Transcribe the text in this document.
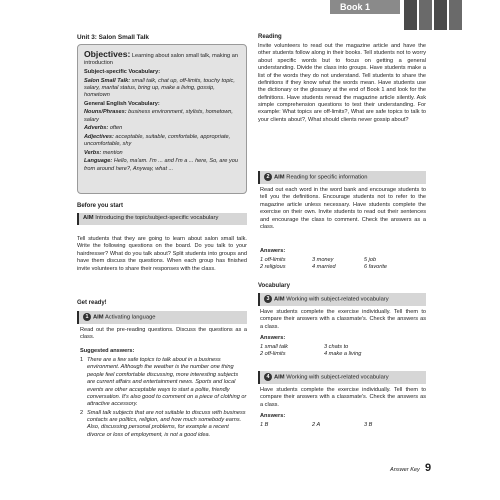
Book 1
Unit 3: Salon Small Talk
Objectives: Learning about salon small talk, making an introduction
Subject-specific Vocabulary:
Salon Small Talk: small talk, chat up, off-limits, touchy topic, salary, marital status, bring up, make a living, gossip, hometown
General English Vocabulary:
Nouns/Phrases: business environment, stylists, hometown, salary
Adverbs: often
Adjectives: acceptable, suitable, comfortable, appropriate, uncomfortable, shy
Verbs: mention
Language: Hello, ma'am. I'm ... and I'm a ... here, So, are you from around here?, Anyway, what ...
Before you start
AIM Introducing the topic/subject-specific vocabulary
Tell students that they are going to learn about salon small talk. Write the following questions on the board. Do you talk to your hairdresser? What do you talk about? Split students into groups and have them discuss the questions. When each group has finished invite volunteers to share their responses with the class.
Get ready!
1 AIM Activating language
Read out the pre-reading questions. Discuss the questions as a class.
Suggested answers:
1 There are a few safe topics to talk about in a business environment. Although the weather is the number one thing people feel comfortable discussing, more interesting subjects are current affairs and entertainment news. Sports and local events are other acceptable ways to start a polite, friendly conversation. It's also good to comment on a piece of clothing or attractive accessory.
2 Small talk subjects that are not suitable to discuss with business contacts are politics, religion, and how much somebody earns. Also, discussing personal problems, for example a recent divorce or loss of employment, is not a good idea.
Reading
Invite volunteers to read out the magazine article and have the other students follow along in their books. Tell students not to worry about specific words but to focus on getting a general understanding. Divide the class into groups. Have students make a list of the words they do not understand. Tell students to share the definitions if they know what the words mean. Have students use the dictionary or the glossary at the end of Book 1 and look for the definitions. Have students reread the magazine article silently. Ask simple comprehension questions to test their understanding. For example: What topics are off-limits?, What are safe topics to talk to your clients about?, What should clients never gossip about?
2 AIM Reading for specific information
Read out each word in the word bank and encourage students to tell you the definitions. Encourage students not to refer to the magazine article unless necessary. Have students complete the exercise on their own. Invite students to read out their sentences and encourage the class to comment. Check the answers as a class.
Answers:
1 off-limits	3 money	5 job
2 religious	4 married	6 favorite
Vocabulary
3 AIM Working with subject-related vocabulary
Have students complete the exercise individually. Tell them to compare their answers with a classmate's. Check the answers as a class.
Answers:
1 small talk	3 chats to
2 off-limits	4 make a living
4 AIM Working with subject-related vocabulary
Have students complete the exercise individually. Tell them to compare their answers with a classmate's. Check the answers as a class.
Answers:
1 B	2 A	3 B
Answer Key 9
